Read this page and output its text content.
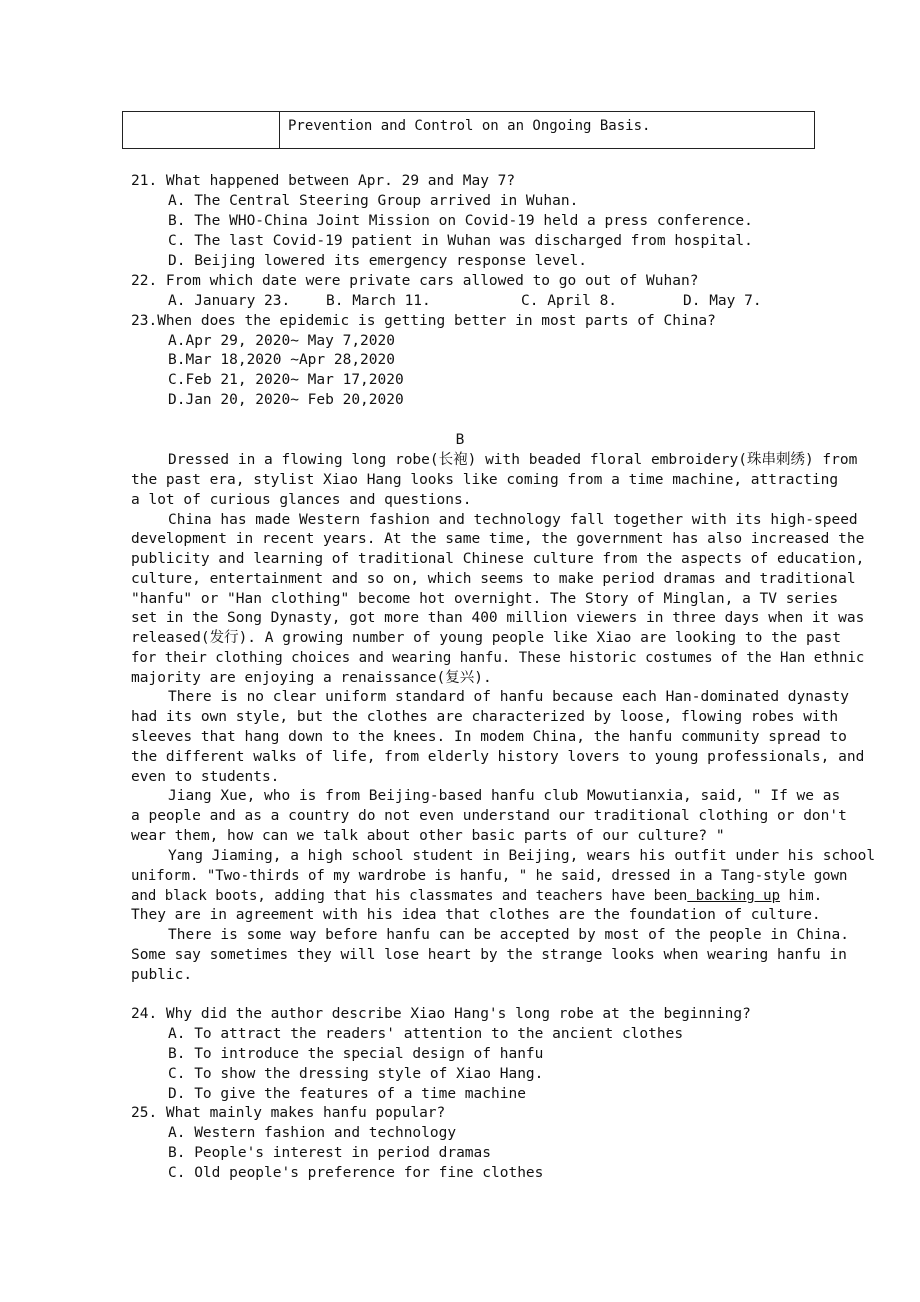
Prevention and Control on an Ongoing Basis.
21. What happened between Apr. 29 and May 7?
A. The Central Steering Group arrived in Wuhan.
B. The WHO-China Joint Mission on Covid-19 held a press conference.
C. The last Covid-19 patient in Wuhan was discharged from hospital.
D. Beijing lowered its emergency response level.
22. From which date were private cars allowed to go out of Wuhan?
A. January 23. B. March 11.	C. April 8.	D. May 7.
23.When does the epidemic is getting better in most parts of China?
A.Apr 29, 2020~ May 7,2020
B.Mar 18,2020 ~Apr 28,2020
C.Feb 21, 2020~ Mar 17,2020
D.Jan 20, 2020~ Feb 20,2020
B
Dressed in a flowing long robe(长袍) with beaded floral embroidery(珠串刺绣) from
the past era, stylist Xiao Hang looks like coming from a time machine, attracting
a lot of curious glances and questions.
China has made Western fashion and technology fall together with its high-speed
development in recent years. At the same time, the government has also increased the
publicity and learning of traditional Chinese culture from the aspects of education,
culture, entertainment and so on, which seems to make period dramas and traditional
"hanfu" or "Han clothing" become hot overnight. The Story of Minglan, a TV series
set in the Song Dynasty, got more than 400 million viewers in three days when it was
released(发行). A growing number of young people like Xiao are looking to the past
for their clothing choices and wearing hanfu. These historic costumes of the Han ethnic
majority are enjoying a renaissance(复兴).
There is no clear uniform standard of hanfu because each Han-dominated dynasty
had its own style, but the clothes are characterized by loose, flowing robes with
sleeves that hang down to the knees. In modem China, the hanfu community spread to
the different walks of life, from elderly history lovers to young professionals, and
even to students.
Jiang Xue, who is from Beijing-based hanfu club Mowutianxia, said, " If we as
a people and as a country do not even understand our traditional clothing or don't
wear them, how can we talk about other basic parts of our culture? "
Yang Jiaming, a high school student in Beijing, wears his outfit under his school
uniform. "Two-thirds of my wardrobe is hanfu, " he said, dressed in a Tang-style gown
and black boots, adding that his classmates and teachers have been backing up him.
They are in agreement with his idea that clothes are the foundation of culture.
There is some way before hanfu can be accepted by most of the people in China.
Some say sometimes they will lose heart by the strange looks when wearing hanfu in
public.
24. Why did the author describe Xiao Hang's long robe at the beginning?
A. To attract the readers' attention to the ancient clothes
B. To introduce the special design of hanfu
C. To show the dressing style of Xiao Hang.
D. To give the features of a time machine
25. What mainly makes hanfu popular?
A. Western fashion and technology
B. People's interest in period dramas
C. Old people's preference for fine clothes
